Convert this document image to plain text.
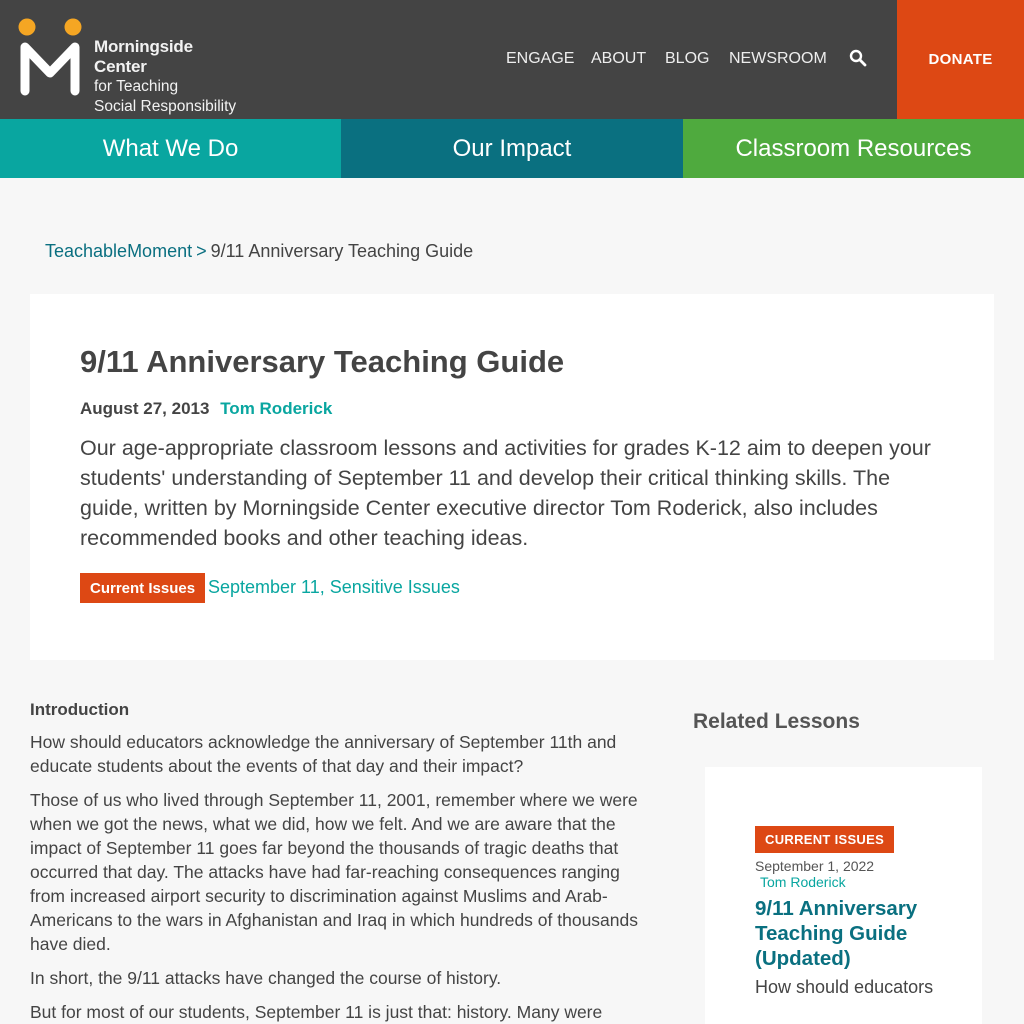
Morningside Center
for Teaching
Social Responsibility
ENGAGE ABOUT BLOG NEWSROOM	DONATE
What We Do	Our Impact	Classroom Resources
TeachableMoment > 9/11 Anniversary Teaching Guide
9/11 Anniversary Teaching Guide
August 27, 2013 Tom Roderick

Our age-appropriate classroom lessons and activities for grades K-12 aim to deepen your students' understanding of September 11 and develop their critical thinking skills. The guide, written by Morningside Center executive director Tom Roderick, also includes recommended books and other teaching ideas.

Current Issues September 11, Sensitive Issues
Introduction

How should educators acknowledge the anniversary of September 11th and educate students about the events of that day and their impact?

Those of us who lived through September 11, 2001, remember where we were when we got the news, what we did, how we felt. And we are aware that the impact of September 11 goes far beyond the thousands of tragic deaths that occurred that day. The attacks have had far-reaching consequences ranging from increased airport security to discrimination against Muslims and Arab-Americans to the wars in Afghanistan and Iraq in which hundreds of thousands have died.

In short, the 9/11 attacks have changed the course of history.

But for most of our students, September 11 is just that: history. Many were

Related Lessons
CURRENT ISSUES
September 1, 2022
Tom Roderick
9/11 Anniversary Teaching Guide (Updated)

How should educators
